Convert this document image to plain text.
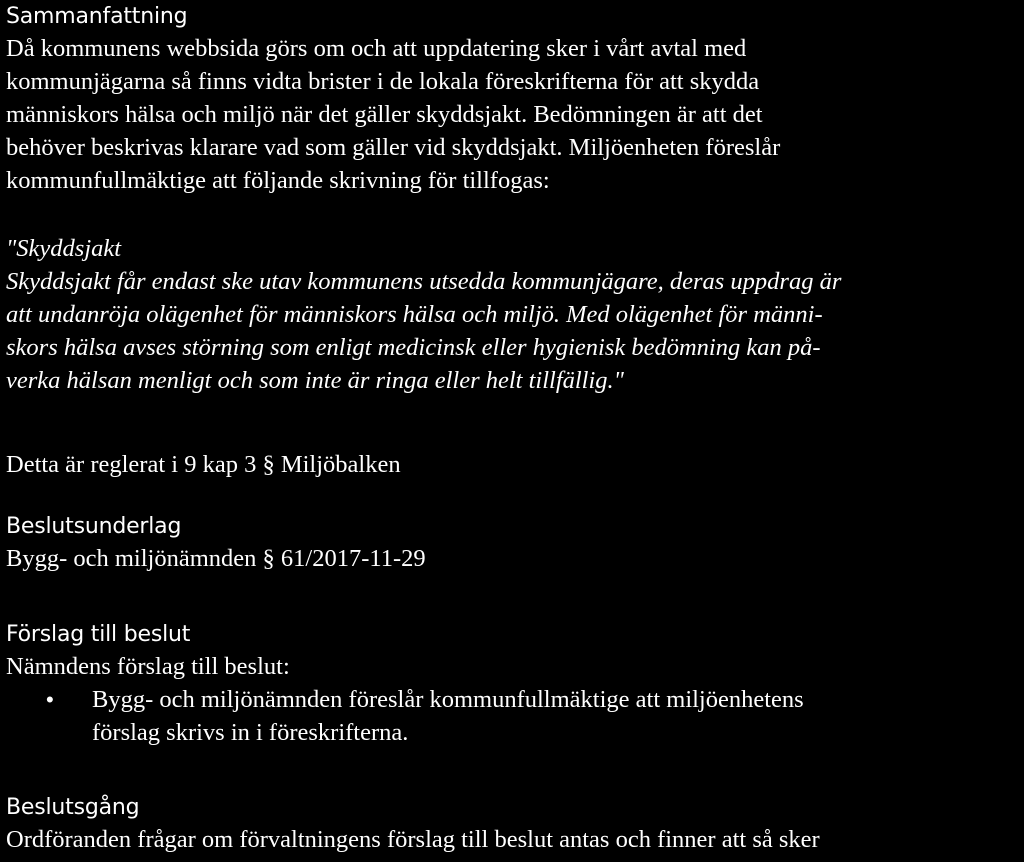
Sammanfattning

Då kommunens webbsida görs om och att uppdatering sker i vårt avtal med

kommunjägarna så finns vidta brister i de lokala föreskrifterna för att skydda

människors hälsa och miljö när det gäller skyddsjakt. Bedömningen är att det

behöver beskrivas klarare vad som gäller vid skyddsjakt. Miljöenheten föreslår

kommunfullmäktige att följande skrivning för tillfogas:

"Skyddsjakt

Skyddsjakt får endast ske utav kommunens utsedda kommunjägare, deras uppdrag är

att undanröja olägenhet för människors hälsa och miljö. Med olägenhet för männi-

skors hälsa avses störning som enligt medicinsk eller hygienisk bedömning kan på-

verka hälsan menligt och som inte är ringa eller helt tillfällig."

Detta är reglerat i 9 kap 3 § Miljöbalken

Beslutsunderlag

Bygg- och miljönämnden § 61/2017-11-29

Förslag till beslut

Nämndens förslag till beslut:

• Bygg- och miljönämnden föreslår kommunfullmäktige att miljöenhetens

förslag skrivs in i föreskrifterna.

Beslutsgång

Ordföranden frågar om förvaltningens förslag till beslut antas och finner att så sker
